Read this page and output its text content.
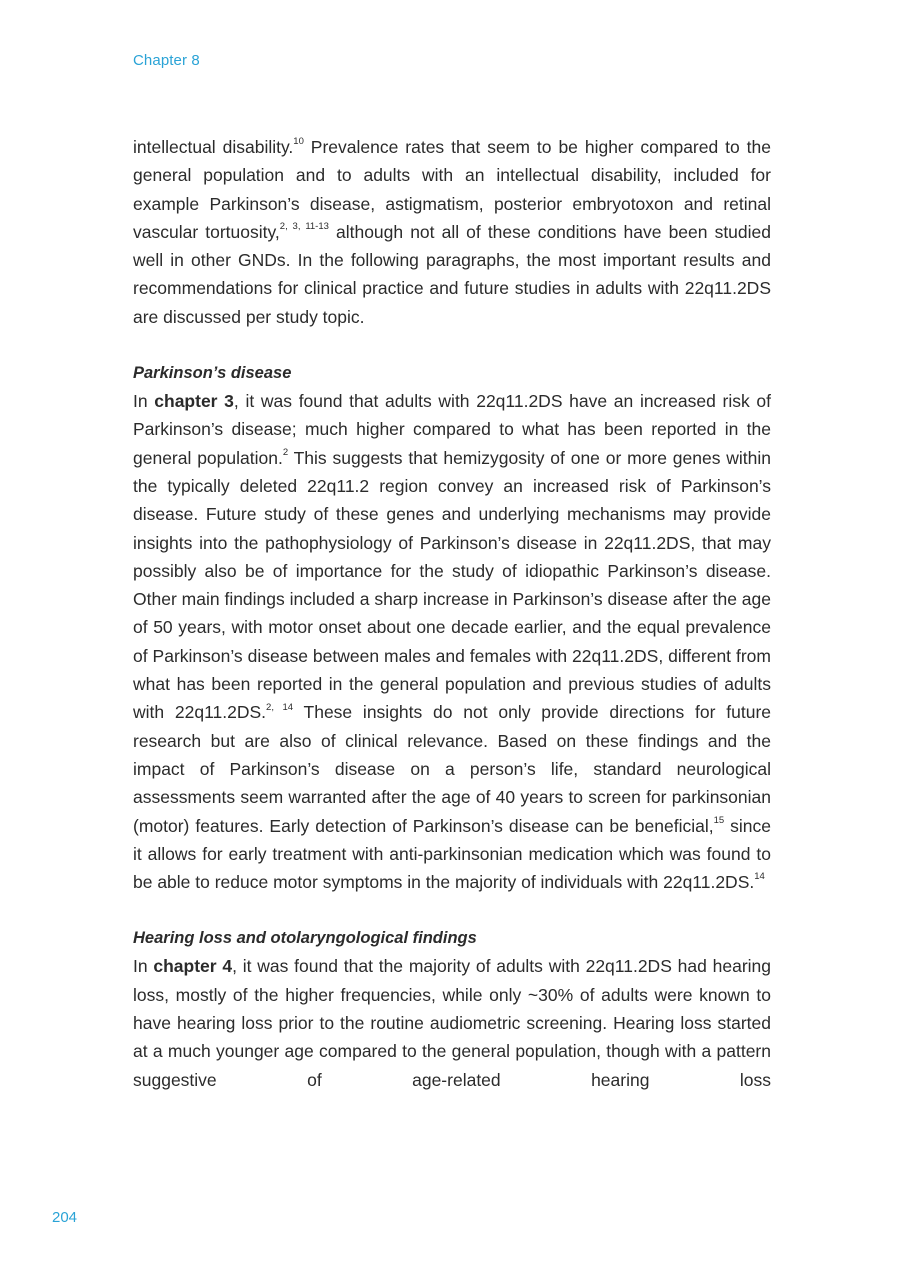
Chapter 8

intellectual disability.$^{10}$ Prevalence rates that seem to be higher compared to the general population and to adults with an intellectual disability, included for example Parkinson’s disease, astigmatism, posterior embryotoxon and retinal vascular tortuosity,$^{2, 3, 11-13}$ although not all of these conditions have been studied well in other GNDs. In the following paragraphs, the most important results and recommendations for clinical practice and future studies in adults with 22q11.2DS are discussed per study topic.

Parkinson’s disease

In chapter 3, it was found that adults with 22q11.2DS have an increased risk of Parkinson’s disease; much higher compared to what has been reported in the general population.$^2$ This suggests that hemizygosity of one or more genes within the typically deleted 22q11.2 region convey an increased risk of Parkinson’s disease. Future study of these genes and underlying mechanisms may provide insights into the pathophysiology of Parkinson’s disease in 22q11.2DS, that may possibly also be of importance for the study of idiopathic Parkinson’s disease. Other main findings included a sharp increase in Parkinson’s disease after the age of 50 years, with motor onset about one decade earlier, and the equal prevalence of Parkinson’s disease between males and females with 22q11.2DS, different from what has been reported in the general population and previous studies of adults with 22q11.2DS.$^{2, 14}$ These insights do not only provide directions for future research but are also of clinical relevance. Based on these findings and the impact of Parkinson’s disease on a person’s life, standard neurological assessments seem warranted after the age of 40 years to screen for parkinsonian (motor) features. Early detection of Parkinson’s disease can be beneficial,$^{15}$ since it allows for early treatment with anti-parkinsonian medication which was found to be able to reduce motor symptoms in the majority of individuals with 22q11.2DS.$^{14}$

Hearing loss and otolaryngological findings

In chapter 4, it was found that the majority of adults with 22q11.2DS had hearing loss, mostly of the higher frequencies, while only ~30% of adults were known to have hearing loss prior to the routine audiometric screening. Hearing loss started at a much younger age compared to the general population, though with a pattern suggestive of age-related hearing loss

204
